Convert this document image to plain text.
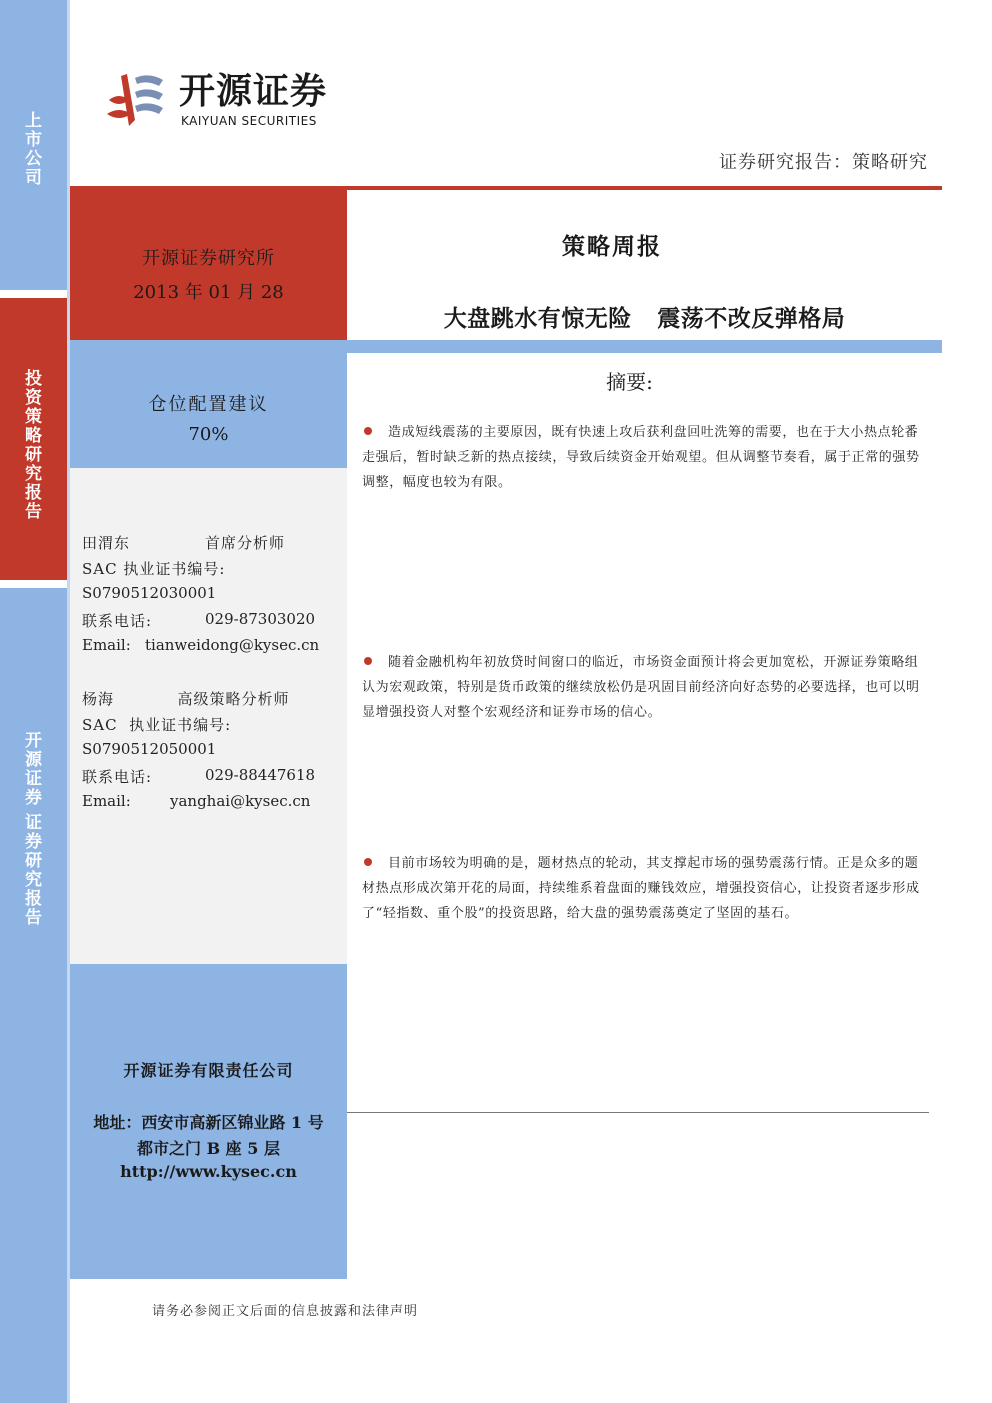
上
市
公
司
投
资
策
略
研
究
报
告
开
源
证
券
证
券
研
究
报
告
开源证券
KAIYUAN SECURITIES
证券研究报告：策略研究
开源证券研究所
2013 年 01 月 28
策略周报
大盘跳水有惊无险   震荡不改反弹格局
仓位配置建议
70%
田渭东             首席分析师
SAC 执业证书编号:
S0790512030001
联系电话:	029-87303020
Email: tianweidong@kysec.cn
杨海           高级策略分析师
SAC  执业证书编号:
S0790512050001
联系电话:	029-88447618
Email:	yanghai@kysec.cn
开源证券有限责任公司
地址：西安市高新区锦业路 1 号
都市之门 B 座 5 层
http://www.kysec.cn
摘要:
造成短线震荡的主要原因，既有快速上攻后获利盘回吐洗筹的需要，也在于大小热点轮番走强后，暂时缺乏新的热点接续，导致后续资金开始观望。但从调整节奏看，属于正常的强势调整，幅度也较为有限。
随着金融机构年初放贷时间窗口的临近，市场资金面预计将会更加宽松，开源证券策略组认为宏观政策，特别是货币政策的继续放松仍是巩固目前经济向好态势的必要选择，也可以明显增强投资人对整个宏观经济和证券市场的信心。
目前市场较为明确的是，题材热点的轮动，其支撑起市场的强势震荡行情。正是众多的题材热点形成次第开花的局面，持续维系着盘面的赚钱效应，增强投资信心，让投资者逐步形成了“轻指数、重个股”的投资思路，给大盘的强势震荡奠定了坚固的基石。
请务必参阅正文后面的信息披露和法律声明
